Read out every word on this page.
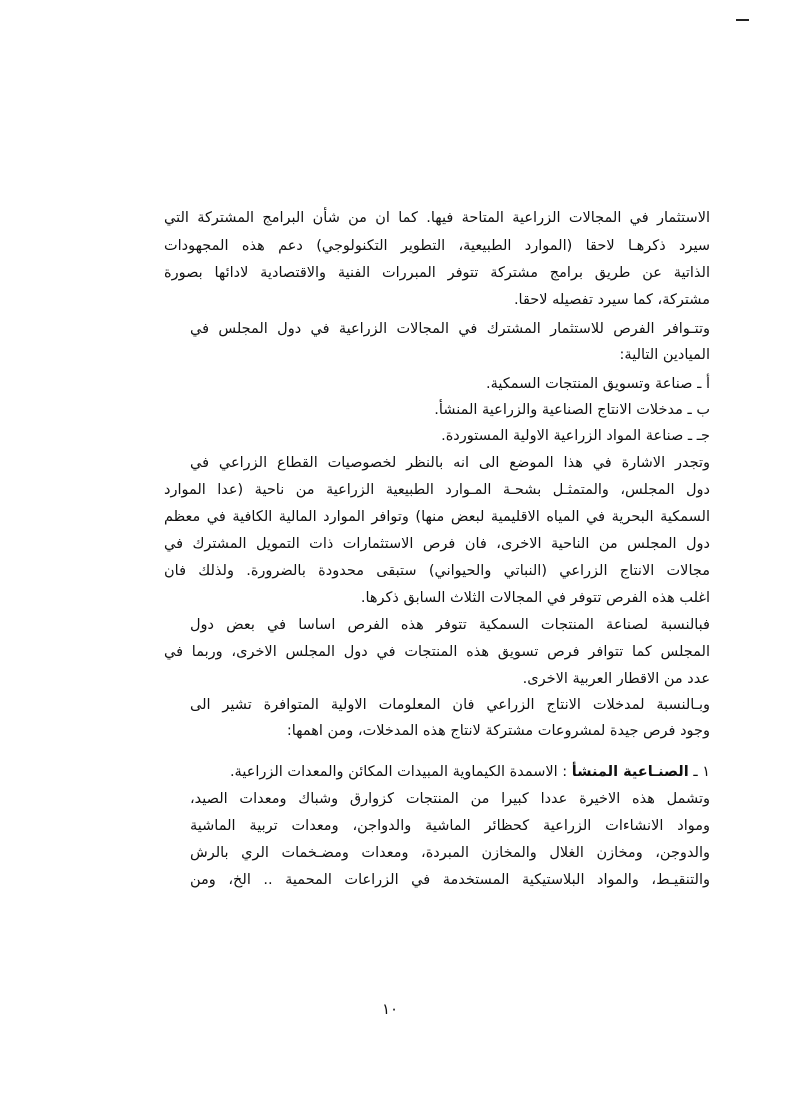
الاستثمار في المجالات الزراعية المتاحة فيها. كما ان من شأن البرامج المشتركة التي
سيرد ذكرهـا لاحقا (الموارد الطبيعية، التطوير التكنولوجي) دعم هذه المجهودات
الذاتية عن طريق برامج مشتركة تتوفر المبررات الفنية والاقتصادية لادائها بصورة
مشتركة، كما سيرد تفصيله لاحقا.
وتتـوافر الفرص للاستثمار المشترك في المجالات الزراعية في دول المجلس في
الميادين التالية:
أ ـ صناعة وتسويق المنتجات السمكية.
ب ـ مدخلات الانتاج الصناعية والزراعية المنشأ.
جـ ـ صناعة المواد الزراعية الاولية المستوردة.
وتجدر الاشارة في هذا الموضع الى انه بالنظر لخصوصيات القطاع الزراعي في
دول المجلس، والمتمثـل بشحـة المـوارد الطبيعية الزراعية من ناحية (عدا الموارد
السمكية البحرية في المياه الاقليمية لبعض منها) وتوافر الموارد المالية الكافية في معظم
دول المجلس من الناحية الاخرى، فان فرص الاستثمارات ذات التمويل المشترك في
مجالات الانتاج الزراعي (النباتي والحيواني) ستبقى محدودة بالضرورة. ولذلك فان
اغلب هذه الفرص تتوفر في المجالات الثلاث السابق ذكرها.
فبالنسبة لصناعة المنتجات السمكية تتوفر هذه الفرص اساسا في بعض دول
المجلس كما تتوافر فرص تسويق هذه المنتجات في دول المجلس الاخرى، وربما في
عدد من الاقطار العربية الاخرى.
وبـالنسبة لمدخلات الانتاج الزراعي فان المعلومات الاولية المتوافرة تشير الى
وجود فرص جيدة لمشروعات مشتركة لانتاج هذه المدخلات، ومن اهمها:
١ ـ الصنـاعية المنشأ : الاسمدة الكيماوية المبيدات المكائن والمعدات الزراعية.
وتشمل هذه الاخيرة عددا كبيرا من المنتجات كزوارق وشباك ومعدات الصيد،
ومواد الانشاءات الزراعية كحظائر الماشية والدواجن، ومعدات تربية الماشية
والدوجن، ومخازن الغلال والمخازن المبردة، ومعدات ومضـخمات الري بالرش
والتنقيـط، والمواد البلاستيكية المستخدمة في الزراعات المحمية .. الخ، ومن
١٠
